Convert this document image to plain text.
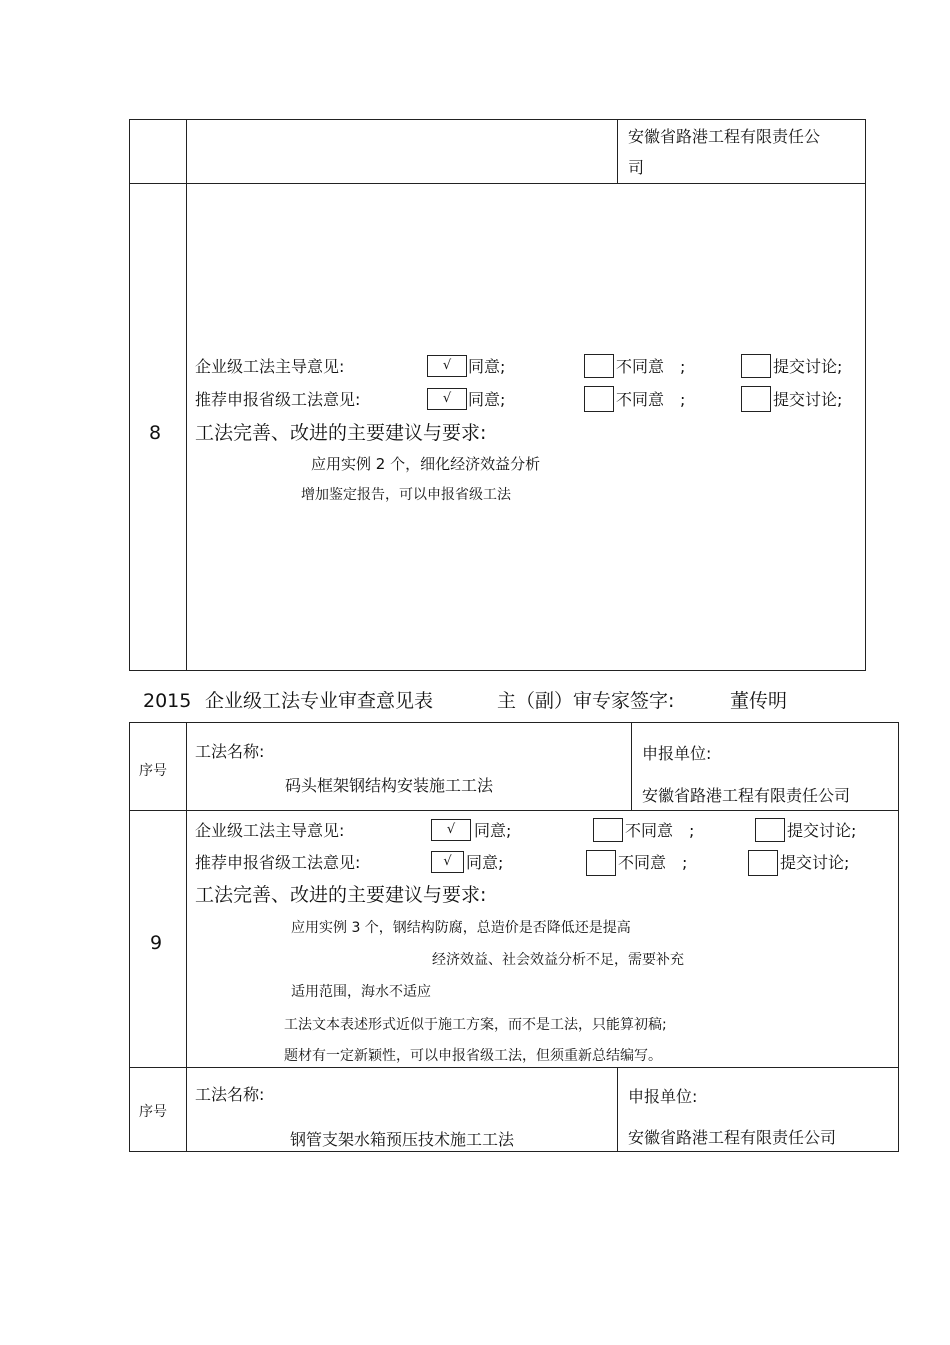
安徽省路港工程有限责任公
司
8
企业级工法主导意见:	√	同意;	不同意　;	提交讨论;
推荐申报省级工法意见:	√	同意;	不同意　;	提交讨论;
工法完善、改进的主要建议与要求:
应用实例 2 个，细化经济效益分析
增加鉴定报告，可以申报省级工法
2015 企业级工法专业审查意见表	主（副）审专家签字:	董传明
序号
工法名称:
码头框架钢结构安装施工工法
申报单位:
安徽省路港工程有限责任公司
9
企业级工法主导意见:	√	同意;	不同意　;	提交讨论;
推荐申报省级工法意见:	√ 同意;	不同意　;	提交讨论;
工法完善、改进的主要建议与要求:
应用实例 3 个，钢结构防腐，总造价是否降低还是提高
经济效益、社会效益分析不足，需要补充
适用范围，海水不适应
工法文本表述形式近似于施工方案，而不是工法，只能算初稿;
题材有一定新颖性，可以申报省级工法，但须重新总结编写。
序号
工法名称:
钢管支架水箱预压技术施工工法
申报单位:
安徽省路港工程有限责任公司
